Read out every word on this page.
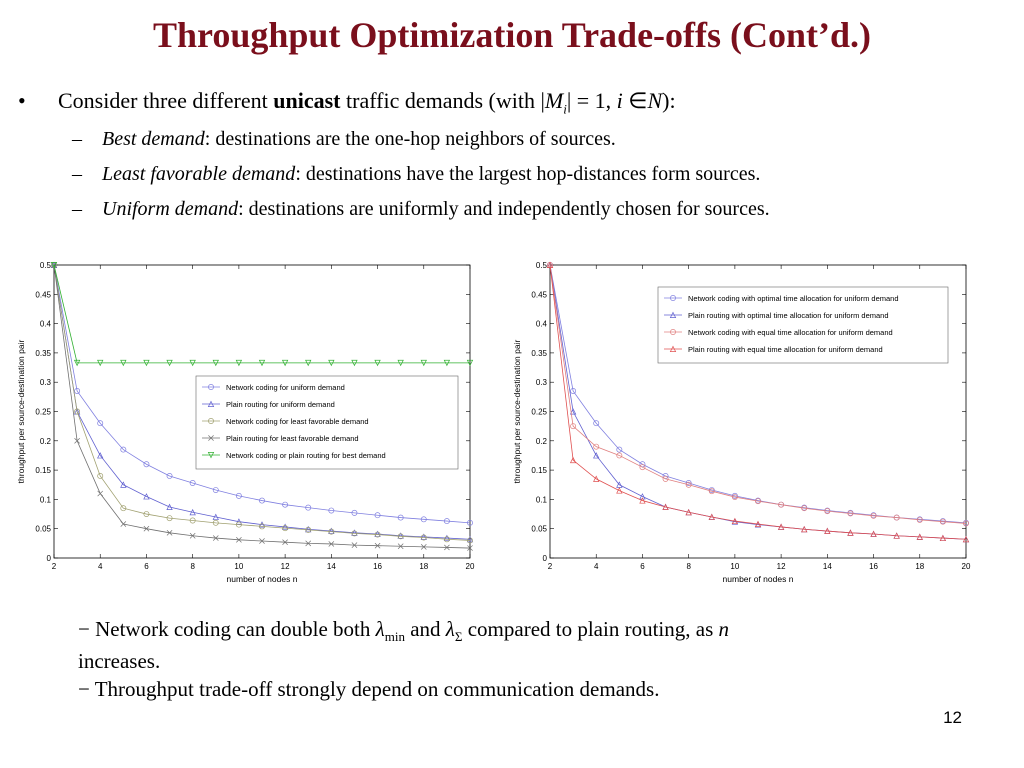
Throughput Optimization Trade-offs (Cont’d.)
• Consider three different unicast traffic demands (with $|M_i| = 1$, i ∈N):
– Best demand: destinations are the one-hop neighbors of sources.
– Least favorable demand: destinations have the largest hop-distances form sources.
– Uniform demand: destinations are uniformly and independently chosen for sources.
2	4	6	8	10	12	14	16	18	20
0
0.05
0.1
0.15
0.2
0.25
0.3
0.35
0.4
0.45
0.5
number of nodes n
throughput per source-destination pair	Network coding for uniform demand
Plain routing for uniform demand
Network coding for least favorable demand
Plain routing for least favorable demand
Network coding or plain routing for best demand
2	4	6	8	10	12	14	16	18	20
0
0.05
0.1
0.15
0.2
0.25
0.3
0.35
0.4
0.45
0.5
number of nodes n
throughput per source-destination pair
Network coding with optimal time allocation for uniform demand
Plain routing with optimal time allocation for uniform demand
Network coding with equal time allocation for uniform demand
Plain routing with equal time allocation for uniform demand
− Network coding can double both $\lambda_{min}$ and $\lambda_\Sigma$ compared to plain routing, as n
increases.
− Throughput trade-off strongly depend on communication demands.
12
